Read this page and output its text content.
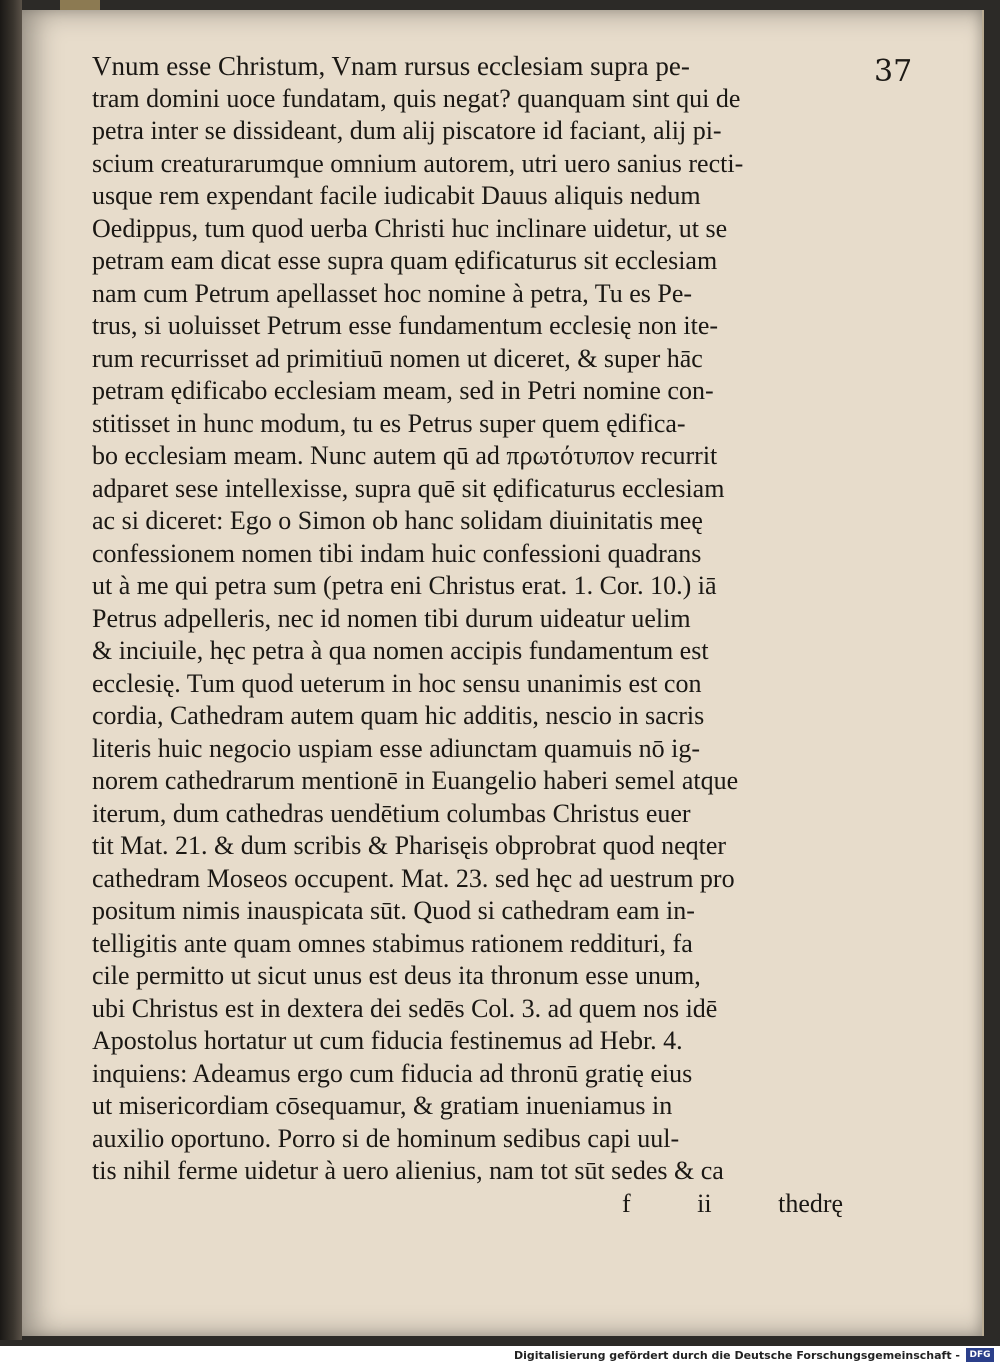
37
Vnum esse Christum, Vnam rursus ecclesiam supra pe-
tram domini uoce fundatam, quis negat? quanquam sint qui de
petra inter se dissideant, dum alij piscatore id faciant, alij pi-
scium creaturarumque omnium autorem, utri uero sanius recti-
usque rem expendant facile iudicabit Dauus aliquis nedum
Oedippus, tum quod uerba Christi huc inclinare uidetur, ut se
petram eam dicat esse supra quam ędificaturus sit ecclesiam
nam cum Petrum apellasset hoc nomine à petra, Tu es Pe-
trus, si uoluisset Petrum esse fundamentum ecclesię non ite-
rum recurrisset ad primitiuū nomen ut diceret, & super hāc
petram ędificabo ecclesiam meam, sed in Petri nomine con-
stitisset in hunc modum, tu es Petrus super quem ędifica-
bo ecclesiam meam. Nunc autem qū ad πρωτότυπον recurrit
adparet sese intellexisse, supra quē sit ędificaturus ecclesiam
ac si diceret: Ego o Simon ob hanc solidam diuinitatis meę
confessionem nomen tibi indam huic confessioni quadrans
ut à me qui petra sum (petra eni Christus erat. 1. Cor. 10.) iā
Petrus adpelleris, nec id nomen tibi durum uideatur uelim
& inciuile, hęc petra à qua nomen accipis fundamentum est
ecclesię. Tum quod ueterum in hoc sensu unanimis est con
cordia, Cathedram autem quam hic additis, nescio in sacris
literis huic negocio uspiam esse adiunctam quamuis nō ig-
norem cathedrarum mentionē in Euangelio haberi semel atque
iterum, dum cathedras uendētium columbas Christus euer
tit Mat. 21. & dum scribis & Pharisęis obprobrat quod neqter
cathedram Moseos occupent. Mat. 23. sed hęc ad uestrum pro
positum nimis inauspicata sūt. Quod si cathedram eam in-
telligitis ante quam omnes stabimus rationem reddituri, fa
cile permitto ut sicut unus est deus ita thronum esse unum,
ubi Christus est in dextera dei sedēs Col. 3. ad quem nos idē
Apostolus hortatur ut cum fiducia festinemus ad Hebr. 4.
inquiens: Adeamus ergo cum fiducia ad thronū gratię eius
ut misericordiam cōsequamur, & gratiam inueniamus in
auxilio oportuno. Porro si de hominum sedibus capi uul-
tis nihil ferme uidetur à uero alienius, nam tot sūt sedes & ca
f ii thedrę
Digitalisierung gefördert durch die Deutsche Forschungsgemeinschaft -	DFG
